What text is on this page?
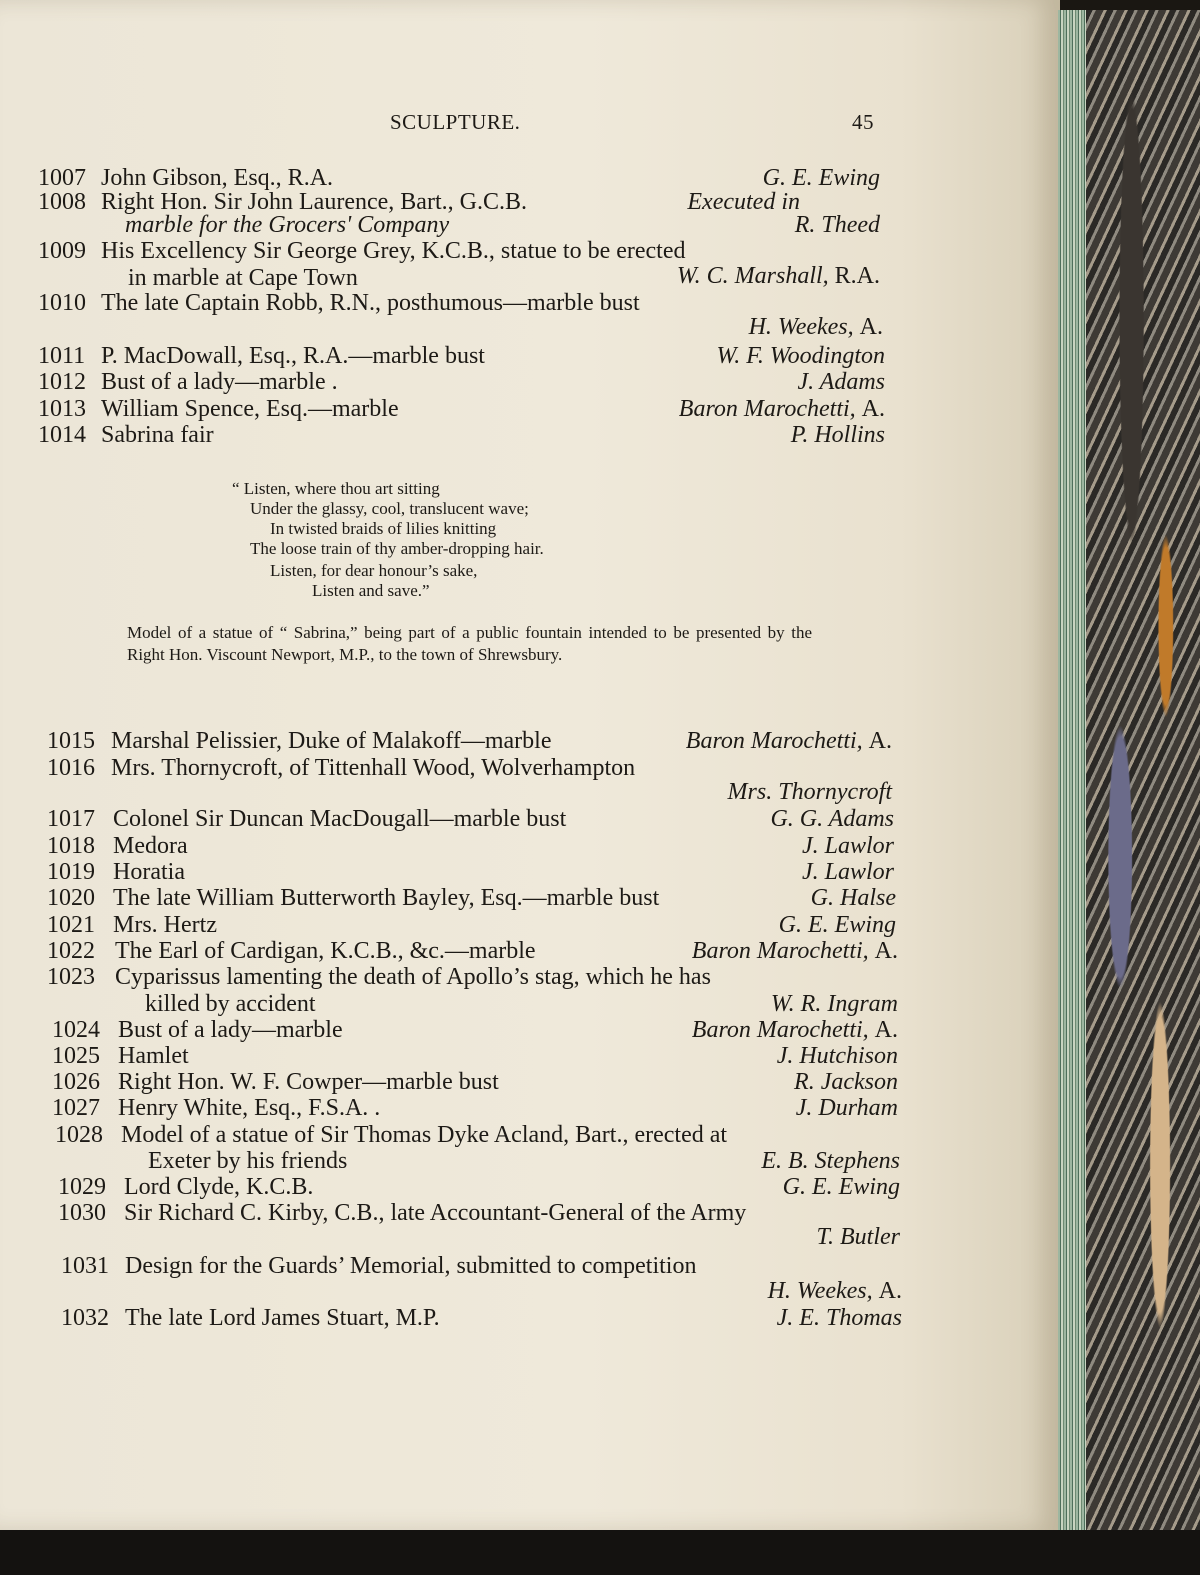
SCULPTURE.	45
1007 John Gibson, Esq., R.A.	G. E. Ewing
1008 Right Hon. Sir John Laurence, Bart., G.C.B.	Executed in
marble for the Grocers' Company	R. Theed
1009 His Excellency Sir George Grey, K.C.B., statue to be erected
in marble at Cape Town	W. C. Marshall, R.A.
1010 The late Captain Robb, R.N., posthumous—marble bust
H. Weekes, A.
1011 P. MacDowall, Esq., R.A.—marble bust	W. F. Woodington
1012 Bust of a lady—marble .	J. Adams
1013 William Spence, Esq.—marble	Baron Marochetti, A.
1014 Sabrina fair	P. Hollins
“ Listen, where thou art sitting
Under the glassy, cool, translucent wave;
In twisted braids of lilies knitting
The loose train of thy amber-dropping hair.
Listen, for dear honour’s sake,
Listen and save.”
Model of a statue of “ Sabrina,” being part of a public fountain intended to be presented by the Right Hon. Viscount Newport, M.P., to the town of Shrewsbury.
1015 Marshal Pelissier, Duke of Malakoff—marble	Baron Marochetti, A.
1016 Mrs. Thornycroft, of Tittenhall Wood, Wolverhampton
Mrs. Thornycroft
1017 Colonel Sir Duncan MacDougall—marble bust	G. G. Adams
1018 Medora	J. Lawlor
1019 Horatia	J. Lawlor
1020 The late William Butterworth Bayley, Esq.—marble bust	G. Halse
1021 Mrs. Hertz	G. E. Ewing
1022 The Earl of Cardigan, K.C.B., &c.—marble	Baron Marochetti, A.
1023 Cyparissus lamenting the death of Apollo’s stag, which he has
killed by accident	W. R. Ingram
1024 Bust of a lady—marble	Baron Marochetti, A.
1025 Hamlet	J. Hutchison
1026 Right Hon. W. F. Cowper—marble bust	R. Jackson
1027 Henry White, Esq., F.S.A. .	J. Durham
1028 Model of a statue of Sir Thomas Dyke Acland, Bart., erected at
Exeter by his friends	E. B. Stephens
1029 Lord Clyde, K.C.B.	G. E. Ewing
1030 Sir Richard C. Kirby, C.B., late Accountant-General of the Army
T. Butler
1031 Design for the Guards’ Memorial, submitted to competition
H. Weekes, A.
1032 The late Lord James Stuart, M.P.	J. E. Thomas
